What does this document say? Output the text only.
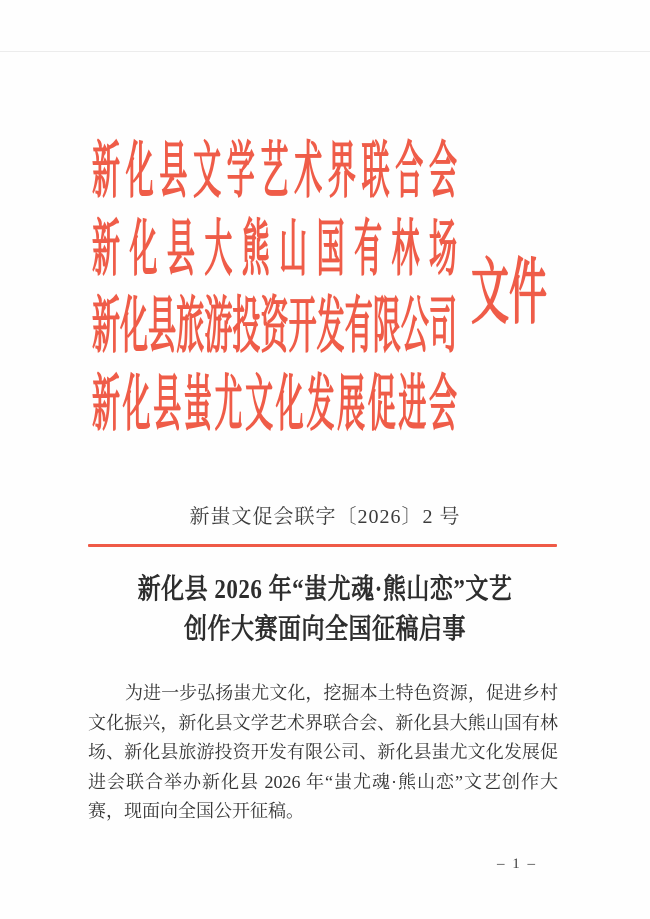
新化县文学艺术界联合会
新化县大熊山国有林场
新化县旅游投资开发有限公司
新化县蚩尤文化发展促进会
文件
新蚩文促会联字〔2026〕2 号
新化县 2026 年“蚩尤魂·熊山恋”文艺
创作大赛面向全国征稿启事
为进一步弘扬蚩尤文化，挖掘本土特色资源，促进乡村文化振兴，新化县文学艺术界联合会、新化县大熊山国有林场、新化县旅游投资开发有限公司、新化县蚩尤文化发展促进会联合举办新化县 2026 年“蚩尤魂·熊山恋”文艺创作大赛，现面向全国公开征稿。
– 1 –
